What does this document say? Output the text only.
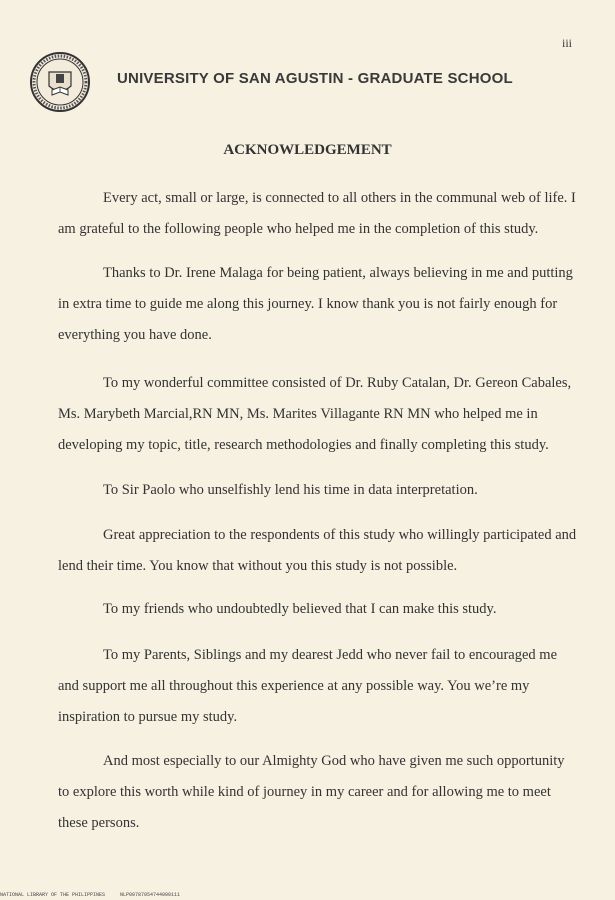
iii
UNIVERSITY OF SAN AGUSTIN - GRADUATE SCHOOL
ACKNOWLEDGEMENT
Every act, small or large, is connected to all others in the communal web of life. I
am grateful to the following people who helped me in the completion of this study.
Thanks to Dr. Irene Malaga for being patient, always believing in me and putting
in extra time to guide me along this journey. I know thank you is not fairly enough for
everything you have done.
To my wonderful committee consisted of Dr. Ruby Catalan, Dr. Gereon Cabales,
Ms. Marybeth Marcial,RN MN, Ms. Marites Villagante RN MN who helped me in
developing my topic, title, research methodologies and finally completing this study.
To Sir Paolo who unselfishly lend his time in data interpretation.
Great appreciation to the respondents of this study who willingly participated and
lend their time. You know that without you this study is not possible.
To my friends who undoubtedly believed that I can make this study.
To my Parents, Siblings and my dearest Jedd who never fail to encouraged me
and support me all throughout this experience at any possible way. You we’re my
inspiration to pursue my study.
And most especially to our Almighty God who have given me such opportunity
to explore this worth while kind of journey in my career and for allowing me to meet
these persons.
NATIONAL LIBRARY OF THE PHILIPPINES     NLP00787054744000111
